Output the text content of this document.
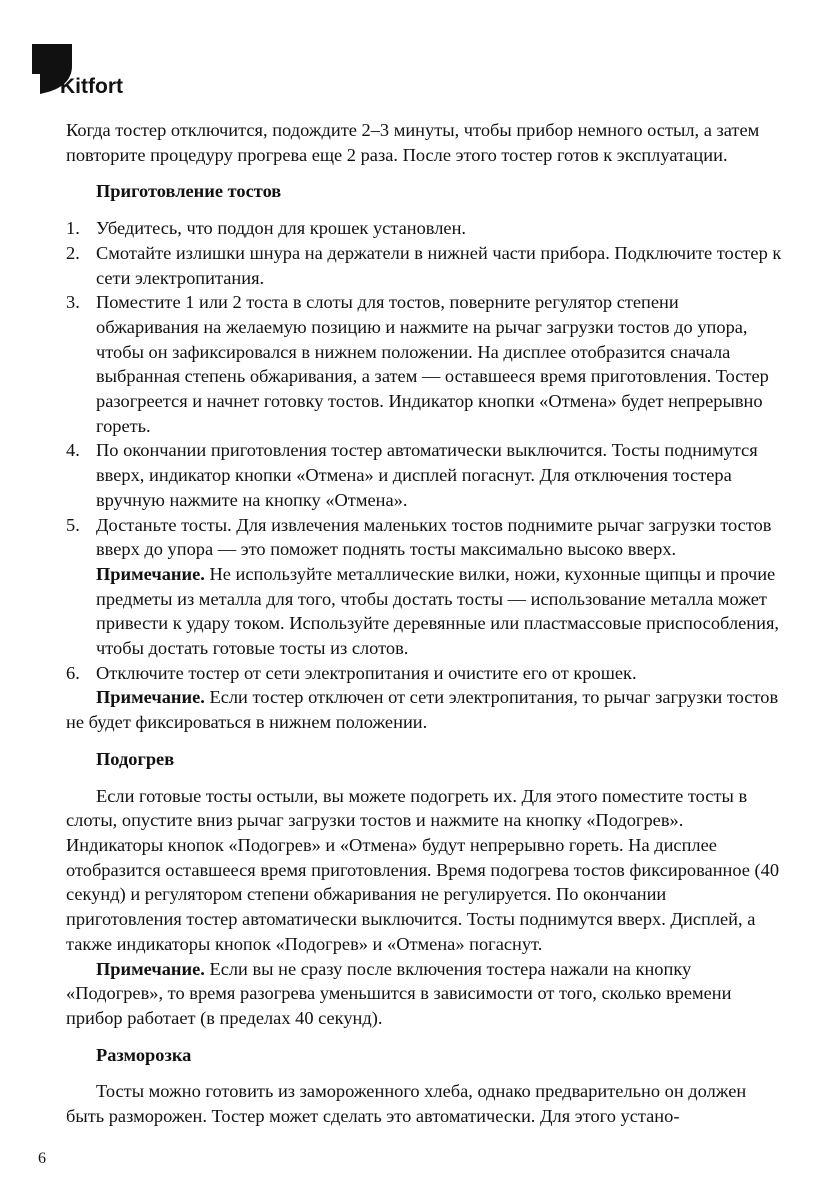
Kitfort

Когда тостер отключится, подождите 2–3 минуты, чтобы прибор немного остыл, а затем повторите процедуру прогрева еще 2 раза. После этого тостер готов к эксплуатации.

Приготовление тостов
1. Убедитесь, что поддон для крошек установлен.
2. Смотайте излишки шнура на держатели в нижней части прибора. Подключите тостер к сети электропитания.
3. Поместите 1 или 2 тоста в слоты для тостов, поверните регулятор степени обжаривания на желаемую позицию и нажмите на рычаг загрузки тостов до упора, чтобы он зафиксировался в нижнем положении. На дисплее отобразится сначала выбранная степень обжаривания, а затем — оставшееся время приготовления. Тостер разогреется и начнет готовку тостов. Индикатор кнопки «Отмена» будет непрерывно гореть.
4. По окончании приготовления тостер автоматически выключится. Тосты поднимутся вверх, индикатор кнопки «Отмена» и дисплей погаснут. Для отключения тостера вручную нажмите на кнопку «Отмена».
5. Достаньте тосты. Для извлечения маленьких тостов поднимите рычаг загрузки тостов вверх до упора — это поможет поднять тосты максимально высоко вверх.
Примечание. Не используйте металлические вилки, ножи, кухонные щипцы и прочие предметы из металла для того, чтобы достать тосты — использование металла может привести к удару током. Используйте деревянные или пластмассовые приспособления, чтобы достать готовые тосты из слотов.
6. Отключите тостер от сети электропитания и очистите его от крошек.

Примечание. Если тостер отключен от сети электропитания, то рычаг загрузки тостов не будет фиксироваться в нижнем положении.

Подогрев

Если готовые тосты остыли, вы можете подогреть их. Для этого поместите тосты в слоты, опустите вниз рычаг загрузки тостов и нажмите на кнопку «Подогрев». Индикаторы кнопок «Подогрев» и «Отмена» будут непрерывно гореть. На дисплее отобразится оставшееся время приготовления. Время подогрева тостов фиксированное (40 секунд) и регулятором степени обжаривания не регулируется. По окончании приготовления тостер автоматически выключится. Тосты поднимутся вверх. Дисплей, а также индикаторы кнопок «Подогрев» и «Отмена» погаснут.

Примечание. Если вы не сразу после включения тостера нажали на кнопку «Подогрев», то время разогрева уменьшится в зависимости от того, сколько времени прибор работает (в пределах 40 секунд).

Разморозка

Тосты можно готовить из замороженного хлеба, однако предварительно он должен быть разморожен. Тостер может сделать это автоматически. Для этого устано-

6
